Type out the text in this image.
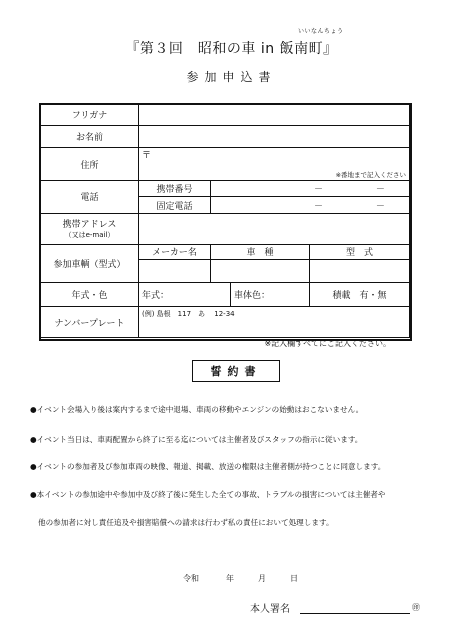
『第３回　昭和の車 in 飯南町』
いいなんちょう
参加申込書
フリガナ				
お名前				
住所	〒
※番地まで記入ください			

電話	携帯番号	－ －		
	固定電話	－ －		

携帯アドレス
（又はe-mail）				

参加車輌（型式）	メーカー名	車　種		型　式

年式・色	年式：		車体色：	積載　有・無
ナンバープレート	(例) 島根　117　あ　 12-34			
※記入欄すべてにご記入ください。
誓約書
●イベント会場入り後は案内するまで途中退場、車両の移動やエンジンの始動はおこないません。
●イベント当日は、車両配置から終了に至る迄については主催者及びスタッフの指示に従います。
●イベントの参加者及び参加車両の映像、報道、掲載、放送の権限は主催者側が持つことに同意します。
●本イベントの参加途中や参加中及び終了後に発生した全ての事故、トラブルの損害については主催者や
他の参加者に対し責任追及や損害賠償への請求は行わず私の責任において処理します。
令和	年	月	日
本人署名	㊞
